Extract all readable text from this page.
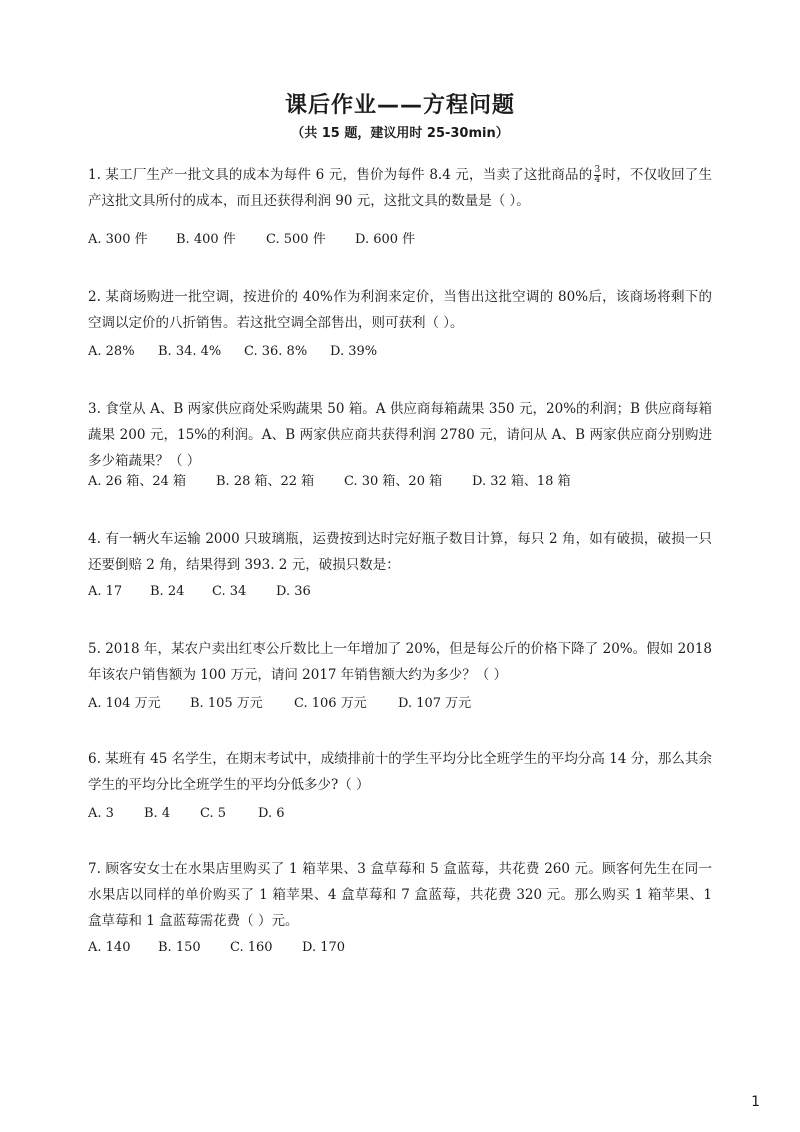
课后作业——方程问题

（共 15 题，建议用时 25-30min）

1. 某工厂生产一批文具的成本为每件 6 元，售价为每件 8.4 元，当卖了这批商品的 $\frac{3}{4}$ 时，不仅收回了生产这批文具所付的成本，而且还获得利润 90 元，这批文具的数量是（ ）。

A. 300 件	B. 400 件	C. 500 件	D. 600 件

2. 某商场购进一批空调，按进价的 40%作为利润来定价，当售出这批空调的 80%后，该商场将剩下的空调以定价的八折销售。若这批空调全部售出，则可获利（ ）。

A. 28%	B. 34. 4%	C. 36. 8%	D. 39%

3. 食堂从 A、B 两家供应商处采购蔬果 50 箱。A 供应商每箱蔬果 350 元，20%的利润；B 供应商每箱蔬果 200 元，15%的利润。A、B 两家供应商共获得利润 2780 元，请问从 A、B 两家供应商分别购进多少箱蔬果？（ ）

A. 26 箱、24 箱	B. 28 箱、22 箱	C. 30 箱、20 箱	D. 32 箱、18 箱

4. 有一辆火车运输 2000 只玻璃瓶，运费按到达时完好瓶子数目计算，每只 2 角，如有破损，破损一只还要倒赔 2 角，结果得到 393. 2 元，破损只数是：

A. 17	B. 24	C. 34	D. 36

5. 2018 年，某农户卖出红枣公斤数比上一年增加了 20%，但是每公斤的价格下降了 20%。假如 2018 年该农户销售额为 100 万元，请问 2017 年销售额大约为多少？（ ）

A. 104 万元	B. 105 万元	C. 106 万元	D. 107 万元

6. 某班有 45 名学生，在期末考试中，成绩排前十的学生平均分比全班学生的平均分高 14 分，那么其余学生的平均分比全班学生的平均分低多少?（ ）

A. 3	B. 4	C. 5	D. 6

7. 顾客安女士在水果店里购买了 1 箱苹果、3 盒草莓和 5 盒蓝莓，共花费 260 元。顾客何先生在同一水果店以同样的单价购买了 1 箱苹果、4 盒草莓和 7 盒蓝莓，共花费 320 元。那么购买 1 箱苹果、1 盒草莓和 1 盒蓝莓需花费（ ）元。

A. 140	B. 150	C. 160	D. 170
1
